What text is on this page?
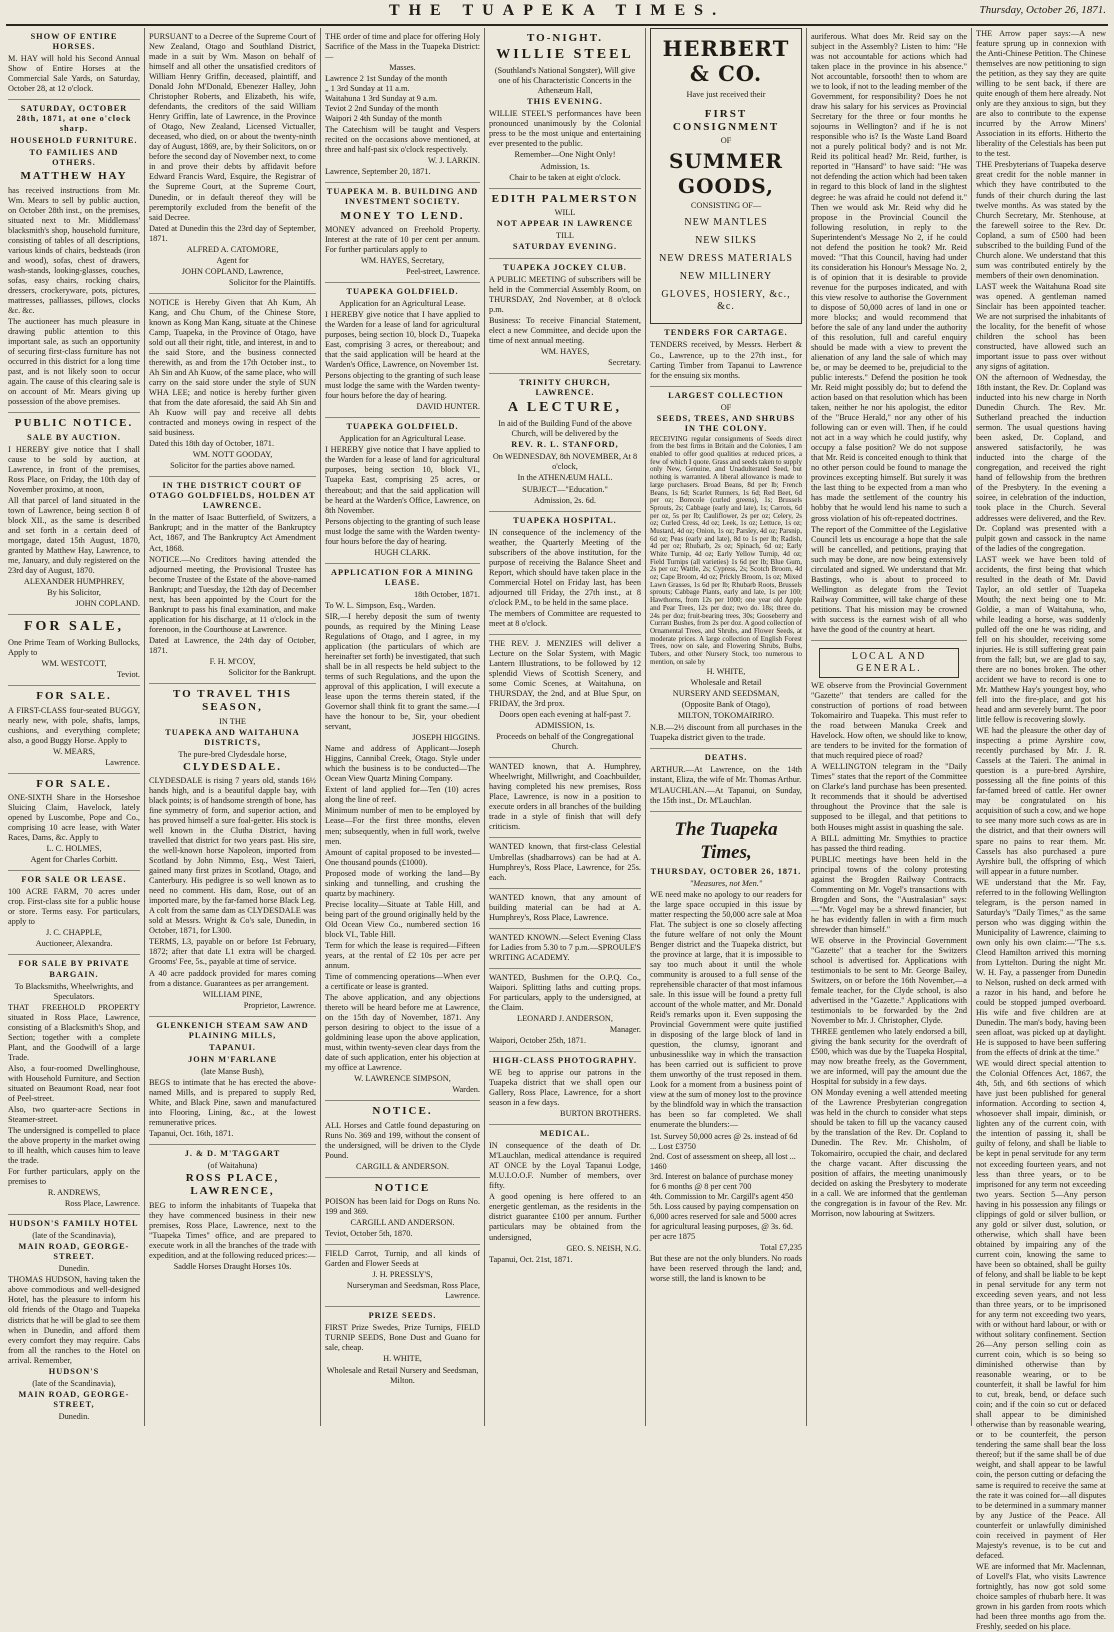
THE TUAPEKA TIMES.	Thursday, October 26, 1871.
SHOW OF ENTIRE HORSES.

M. HAY will hold his Second Annual Show of Entire Horses at the Commercial Sale Yards, on Saturday, October 28, at 12 o'clock.

SATURDAY, OCTOBER 28th, 1871, at one o'clock sharp.
HOUSEHOLD FURNITURE.
TO FAMILIES AND OTHERS.
MATTHEW HAY

has received instructions from Mr. Wm. Mears to sell by public auction, on October 28th inst., on the premises, situated next to Mr. Middlemass' blacksmith's shop, household furniture, consisting of tables of all descriptions, various kinds of chairs, bedsteads (iron and wood), sofas, chest of drawers, wash-stands, looking-glasses, couches, sofas, easy chairs, rocking chairs, dressers, crockeryware, pots, pictures, mattresses, palliasses, pillows, clocks &c. &c.

The auctioneer has much pleasure in drawing public attention to this important sale, as such an opportunity of securing first-class furniture has not occurred in this district for a long time past, and is not likely soon to occur again. The cause of this clearing sale is on account of Mr. Mears giving up possession of the above premises.

PUBLIC NOTICE.
SALE BY AUCTION.

I HEREBY give notice that I shall cause to be sold by auction, at Lawrence, in front of the premises, Ross Place, on Friday, the 10th day of November proximo, at noon,

All that parcel of land situated in the town of Lawrence, being section 8 of block XII., as the same is described and set forth in a certain deed of mortgage, dated 15th August, 1870, granted by Matthew Hay, Lawrence, to me, January, and duly registered on the 23rd day of August, 1870.

ALEXANDER HUMPHREY,
By his Solicitor,
JOHN COPLAND.
FOR SALE,

One Prime Team of Working Bullocks, Apply to

WM. WESTCOTT,
Teviot.
FOR SALE.

A FIRST-CLASS four-seated BUGGY, nearly new, with pole, shafts, lamps, cushions, and everything complete; also, a good Buggy Horse. Apply to

W. MEARS,
Lawrence.
FOR SALE.

ONE-SIXTH Share in the Horseshoe Sluicing Claim, Havelock, lately opened by Luscombe, Pope and Co., comprising 10 acre lease, with Water Races, Dams, &c. Apply to

L. C. HOLMES,
Agent for Charles Corbitt.
FOR SALE OR LEASE.

100 ACRE FARM, 70 acres under crop. First-class site for a public house or store. Terms easy. For particulars, apply to

J. C. CHAPPLE,
Auctioneer, Alexandra.
FOR SALE BY PRIVATE BARGAIN.
To Blacksmiths, Wheelwrights, and Speculators.

THAT FREEHOLD PROPERTY situated in Ross Place, Lawrence, consisting of a Blacksmith's Shop, and Section; together with a complete Plant, and the Goodwill of a large Trade.

Also, a four-roomed Dwellinghouse, with Household Furniture, and Section situated on Beaumont Road, near foot of Peel-street.

Also, two quarter-acre Sections in Steamer-street.

The undersigned is compelled to place the above property in the market owing to ill health, which causes him to leave the trade.

For further particulars, apply on the premises to

R. ANDREWS,
Ross Place, Lawrence.
HUDSON'S FAMILY HOTEL
(late of the Scandinavia),
MAIN ROAD, GEORGE-STREET.
Dunedin.

THOMAS HUDSON, having taken the above commodious and well-designed Hotel, has the pleasure to inform his old friends of the Otago and Tuapeka districts that he will be glad to see them when in Dunedin, and afford them every comfort they may require. Cabs from all the ranches to the Hotel on arrival. Remember,

HUDSON'S
(late of the Scandinavia),
MAIN ROAD, GEORGE-STREET,
Dunedin.

PURSUANT to a Decree of the Supreme Court of New Zealand, Otago and Southland District, made in a suit by Wm. Mason on behalf of himself and all other the unsatisfied creditors of William Henry Griffin, deceased, plaintiff, and Donald John M'Donald, Ebenezer Halley, John Christopher Roberts, and Elizabeth, his wife, defendants, the creditors of the said William Henry Griffin, late of Lawrence, in the Province of Otago, New Zealand, Licensed Victualler, deceased, who died, on or about the twenty-ninth day of August, 1869, are, by their Solicitors, on or before the second day of November next, to come in and prove their debts by affidavit before Edward Francis Ward, Esquire, the Registrar of the Supreme Court, at the Supreme Court, Dunedin, or in default thereof they will be peremptorily excluded from the benefit of the said Decree.

Dated at Dunedin this the 23rd day of September, 1871.

ALFRED A. CATOMORE,
Agent for
JOHN COPLAND, Lawrence,
Solicitor for the Plaintiffs.

NOTICE is Hereby Given that Ah Kum, Ah Kang, and Chu Chum, of the Chinese Store, known as Kong Man Kang, situate at the Chinese Camp, Tuapeka, in the Province of Otago, have sold out all their right, title, and interest, in and to the said Store, and the business connected therewith, as and from the 17th October inst., to Ah Sin and Ah Kuow, of the same place, who will carry on the said store under the style of SUN WHA LEE; and notice is hereby further given that from the date aforesaid, the said Ah Sin and Ah Kuow will pay and receive all debts contracted and moneys owing in respect of the said business.

Dated this 18th day of October, 1871.

WM. NOTT GOODAY,
Solicitor for the parties above named.
IN THE DISTRICT COURT OF OTAGO GOLDFIELDS, HOLDEN AT LAWRENCE.

In the matter of Isaac Butterfield, of Switzers, a Bankrupt; and in the matter of the Bankruptcy Act, 1867, and The Bankruptcy Act Amendment Act, 1868.

NOTICE.—No Creditors having attended the adjourned meeting, the Provisional Trustee has become Trustee of the Estate of the above-named Bankrupt; and Tuesday, the 12th day of December next, has been appointed by the Court for the Bankrupt to pass his final examination, and make application for his discharge, at 11 o'clock in the forenoon, in the Courthouse at Lawrence.

Dated at Lawrence, the 24th day of October, 1871.

F. H. M'COY,
Solicitor for the Bankrupt.
TO TRAVEL THIS SEASON,
IN THE
TUAPEKA AND WAITAHUNA DISTRICTS,
The pure-bred Clydesdale horse,
CLYDESDALE.

CLYDESDALE is rising 7 years old, stands 16½ hands high, and is a beautiful dapple bay, with black points; is of handsome strength of bone, has fine symmetry of form, and superior action, and has proved himself a sure foal-getter. His stock is well known in the Clutha District, having travelled that district for two years past. His sire, the well-known horse Napoleon, imported from Scotland by John Nimmo, Esq., West Taieri, gained many first prizes in Scotland, Otago, and Canterbury. His pedigree is so well known as to need no comment. His dam, Rose, out of an imported mare, by the far-famed horse Black Leg. A colt from the same dam as CLYDESDALE was sold at Messrs. Wright & Co's sale, Dunedin, in October, 1871, for L300.

TERMS, L3, payable on or before 1st February, 1872; after that date L1 extra will be charged. Grooms' Fee, 5s., payable at time of service.

A 40 acre paddock provided for mares coming from a distance. Guarantees as per arrangement.

WILLIAM PINE,
Proprietor, Lawrence.
GLENKENICH STEAM SAW AND PLAINING MILLS,
TAPANUI.
JOHN M'FARLANE
(late Manse Bush),

BEGS to intimate that he has erected the above-named Mills, and is prepared to supply Red, White, and Black Pine, sawn and manufactured into Flooring, Lining, &c., at the lowest remunerative prices.

Tapanui, Oct. 16th, 1871.

J. & D. M'TAGGART
(of Waitahuna)
ROSS PLACE, LAWRENCE,

BEG to inform the inhabitants of Tuapeka that they have commenced business in their new premises, Ross Place, Lawrence, next to the "Tuapeka Times" office, and are prepared to execute work in all the branches of the trade with expedition, and at the following reduced prices:—

Saddle Horses Draught Horses 10s.

THE order of time and place for offering Holy Sacrifice of the Mass in the Tuapeka District:—

Masses.
Lawrence 2 1st Sunday of the month
„ 1 3rd Sunday at 11 a.m.
Waitahuna 1 3rd Sunday at 9 a.m.
Teviot 2 2nd Sunday of the month
Waipori 2 4th Sunday of the month

The Catechism will be taught and Vespers recited on the occasions above mentioned, at three and half-past six o'clock respectively.

W. J. LARKIN.

Lawrence, September 20, 1871.

TUAPEKA M. B. BUILDING AND INVESTMENT SOCIETY.
MONEY TO LEND.

MONEY advanced on Freehold Property. Interest at the rate of 10 per cent per annum. For further particulars apply to

WM. HAYES, Secretary,
Peel-street, Lawrence.
TUAPEKA GOLDFIELD.
Application for an Agricultural Lease.

I HEREBY give notice that I have applied to the Warden for a lease of land for agricultural purposes, being section 10, block D., Tuapeka East, comprising 3 acres, or thereabout; and that the said application will be heard at the Warden's Office, Lawrence, on November 1st.

Persons objecting to the granting of such lease must lodge the same with the Warden twenty-four hours before the day of hearing.

DAVID HUNTER.
TUAPEKA GOLDFIELD.
Application for an Agricultural Lease.

I HEREBY give notice that I have applied to the Warden for a lease of land for agricultural purposes, being section 10, block VI., Tuapeka East, comprising 25 acres, or thereabout; and that the said application will be heard at the Warden's Office, Lawrence, on 8th November.

Persons objecting to the granting of such lease must lodge the same with the Warden twenty-four hours before the day of hearing.

HUGH CLARK.
APPLICATION FOR A MINING LEASE.
18th October, 1871.

To W. L. Simpson, Esq., Warden.

SIR,—I hereby deposit the sum of twenty pounds, as required by the Mining Lease Regulations of Otago, and I agree, in my application (the particulars of which are hereinafter set forth) be investigated, that such shall be in all respects be held subject to the terms of such Regulations, and the upon the approval of this application, I will execute a lease upon the terms therein stated, if the Governor shall think fit to grant the same.—I have the honour to be, Sir, your obedient servant,

JOSEPH HIGGINS.

Name and address of Applicant—Joseph Higgins, Cannibal Creek, Otago. Style under which the business is to be conducted—The Ocean View Quartz Mining Company.

Extent of land applied for—Ten (10) acres along the line of reef.

Minimum number of men to be employed by Lease—For the first three months, eleven men; subsequently, when in full work, twelve men.

Amount of capital proposed to be invested—One thousand pounds (£1000).

Proposed mode of working the land—By sinking and tunnelling, and crushing the quartz by machinery.

Precise locality—Situate at Table Hill, and being part of the ground originally held by the Old Ocean View Co., numbered section 16 block VI., Table Hill.

Term for which the lease is required—Fifteen years, at the rental of £2 10s per acre per annum.

Time of commencing operations—When ever a certificate or lease is granted.

The above application, and any objections thereto will be heard before me at Lawrence, on the 15th day of November, 1871. Any person desiring to object to the issue of a goldmining lease upon the above application, must, within twenty-seven clear days from the date of such application, enter his objection at my office at Lawrence.

W. LAWRENCE SIMPSON,
Warden.
NOTICE.

ALL Horses and Cattle found depasturing on Runs No. 369 and 199, without the consent of the undersigned, will be driven to the Clyde Pound.

CARGILL & ANDERSON.
NOTICE

POISON has been laid for Dogs on Runs No. 199 and 369.

CARGILL AND ANDERSON.

Teviot, October 5th, 1870.

FIELD Carrot, Turnip, and all kinds of Garden and Flower Seeds at

J. H. PRESSLY'S,
Nurseryman and Seedsman, Ross Place, Lawrence.
PRIZE SEEDS.

FIRST Prize Swedes, Prize Turnips, FIELD TURNIP SEEDS, Bone Dust and Guano for sale, cheap.

H. WHITE,
Wholesale and Retail Nursery and Seedsman, Milton.
TO-NIGHT.
WILLIE STEEL
(Southland's National Songster), Will give one of his Characteristic Concerts in the Athenæum Hall,
THIS EVENING.

WILLIE STEEL'S performances have been pronounced unanimously by the Colonial press to be the most unique and entertaining ever presented to the public.

Remember—One Night Only!
Admission, 1s.
Chair to be taken at eight o'clock.
EDITH PALMERSTON
WILL
NOT APPEAR IN LAWRENCE
TILL
SATURDAY EVENING.
TUAPEKA JOCKEY CLUB.

A PUBLIC MEETING of subscribers will be held in the Commercial Assembly Room, on THURSDAY, 2nd November, at 8 o'clock p.m.

Business: To receive Financial Statement, elect a new Committee, and decide upon the time of next annual meeting.

WM. HAYES,
Secretary.
TRINITY CHURCH, LAWRENCE.
A LECTURE,
In aid of the Building Fund of the above Church, will be delivered by the
REV. R. L. STANFORD,
On WEDNESDAY, 8th NOVEMBER, At 8 o'clock,
In the ATHENÆUM HALL.
SUBJECT—"Education."
Admission, 2s. 6d.
TUAPEKA HOSPITAL.

IN consequence of the inclemency of the weather, the Quarterly Meeting of the subscribers of the above institution, for the purpose of receiving the Balance Sheet and Report, which should have taken place in the Commercial Hotel on Friday last, has been adjourned till Friday, the 27th inst., at 8 o'clock P.M., to be held in the same place.

The members of Committee are requested to meet at 8 o'clock.

THE REV. J. MENZIES will deliver a Lecture on the Solar System, with Magic Lantern Illustrations, to be followed by 12 splendid Views of Scottish Scenery, and some Comic Scenes, at Waitahuna, on THURSDAY, the 2nd, and at Blue Spur, on FRIDAY, the 3rd prox.

Doors open each evening at half-past 7.
ADMISSION, 1s.
Proceeds on behalf of the Congregational Church.

WANTED known, that A. Humphrey, Wheelwright, Millwright, and Coachbuilder, having completed his new premises, Ross Place, Lawrence, is now in a position to execute orders in all branches of the building trade in a style of finish that will defy criticism.

WANTED known, that first-class Celestial Umbrellas (shadbarrows) can be had at A. Humphrey's, Ross Place, Lawrence, for 25s. each.

WANTED known, that any amount of building material can be had at A. Humphrey's, Ross Place, Lawrence.

WANTED KNOWN.—Select Evening Class for Ladies from 5.30 to 7 p.m.—SPROULE'S WRITING ACADEMY.

WANTED, Bushmen for the O.P.Q. Co., Waipori. Splitting laths and cutting props. For particulars, apply to the undersigned, at the Claim.

LEONARD J. ANDERSON,
Manager.

Waipori, October 25th, 1871.

HIGH-CLASS PHOTOGRAPHY.

WE beg to apprise our patrons in the Tuapeka district that we shall open our Gallery, Ross Place, Lawrence, for a short season in a few days.

BURTON BROTHERS.
MEDICAL.

IN consequence of the death of Dr. M'Lauchlan, medical attendance is required AT ONCE by the Loyal Tapanui Lodge, M.U.I.O.O.F. Number of members, over fifty.

A good opening is here offered to an energetic gentleman, as the residents in the district guarantee £100 per annum. Further particulars may be obtained from the undersigned,

GEO. S. NEISH, N.G.

Tapanui, Oct. 21st, 1871.

HERBERT & CO.
Have just received their
FIRST CONSIGNMENT
OF
SUMMER GOODS,
CONSISTING OF—
NEW MANTLES
NEW SILKS
NEW DRESS MATERIALS
NEW MILLINERY
GLOVES, HOSIERY, &c., &c.
TENDERS FOR CARTAGE.

TENDERS received, by Messrs. Herbert & Co., Lawrence, up to the 27th inst., for Carting Timber from Tapanui to Lawrence for the ensuing six months.

LARGEST COLLECTION
OF
SEEDS, TREES, AND SHRUBS IN THE COLONY.

RECEIVING regular consignments of Seeds direct from the best firms in Britain and the Colonies, I am enabled to offer good qualities at reduced prices, a few of which I quote. Grass and seeds taken to supply only New, Genuine, and Unadulterated Seed, but nothing is warranted. A liberal allowance is made to large purchasers. Broad Beans, 8d per lb; French Beans, 1s 6d; Scarlet Runners, 1s 6d; Red Beet, 6d per oz; Borecole (curled greens), 1s; Brussels Sprouts, 2s; Cabbage (early and late), 1s; Carrots, 6d per oz, 5s per lb; Cauliflower, 2s per oz; Celery, 2s oz; Curled Cress, 4d oz; Leek, 1s oz; Lettuce, 1s oz; Mustard, 4d oz; Onion, 1s oz; Parsley, 4d oz; Parsnip, 6d oz; Peas (early and late), 8d to 1s per lb; Radish, 4d per oz; Rhubarb, 2s oz; Spinach, 6d oz; Early White Turnip, 4d oz; Early Yellow Turnip, 4d oz; Field Turnips (all varieties) 1s 6d per lb; Blue Gum, 2s per oz; Wattle, 2s; Cypress, 2s; Scotch Broom, 4d oz; Cape Broom, 4d oz; Prickly Broom, 1s oz; Mixed Lawn Grasses, 1s 6d per lb; Rhubarb Roots, Brussels sprouts; Cabbage Plants, early and late, 1s per 100; Hawthorns, from 12s per 1000; one year old Apple and Pear Trees, 12s per doz; two do. 18s; three do. 24s per doz; fruit-bearing trees, 30s; Gooseberry and Currant Bushes, from 2s per doz. A good collection of Ornamental Trees, and Shrubs, and Flower Seeds, at moderate prices. A large collection of English Forest Trees, now on sale, and Flowering Shrubs, Bulbs, Tubers, and other Nursery Stock, too numerous to mention, on sale by

H. WHITE,
Wholesale and Retail
NURSERY AND SEEDSMAN,
(Opposite Bank of Otago),
MILTON, TOKOMAIRIRO.

N.B.—2½ discount from all purchases in the Tuapeka district given to the trade.

DEATHS.

ARTHUR.—At Lawrence, on the 14th instant, Eliza, the wife of Mr. Thomas Arthur.

M'LAUCHLAN.—At Tapanui, on Sunday, the 15th inst., Dr. M'Lauchlan.

The Tuapeka Times,
THURSDAY, OCTOBER 26, 1871.
"Measures, not Men."

WE need make no apology to our readers for the large space occupied in this issue by matter respecting the 50,000 acre sale at Moa Flat. The subject is one so closely affecting the future welfare of not only the Mount Benger district and the Tuapeka district, but the province at large, that it is impossible to say too much about it until the whole community is aroused to a full sense of the reprehensible character of that most infamous sale. In this issue will be found a pretty full account of the whole matter, and Mr. Donald Reid's remarks upon it. Even supposing the Provincial Government were quite justified in disposing of the large block of land in question, the clumsy, ignorant and unbusinesslike way in which the transaction has been carried out is sufficient to prove them unworthy of the trust reposed in them. Look for a moment from a business point of view at the sum of money lost to the province by the blindfold way in which the transaction has been so far completed. We shall enumerate the blunders:—

1st. Survey 50,000 acres @ 2s. instead of 6d ... Lost £3750
2nd. Cost of assessment on sheep, all lost ... 1460
3rd. Interest on balance of purchase money for 6 months @ 8 per cent 700
4th. Commission to Mr. Cargill's agent 450
5th. Loss caused by paying compensation on 6,000 acres reserved for sale and 5000 acres for agricultural leasing purposes, @ 3s. 6d. per acre 1875
Total £7,235

But these are not the only blunders. No roads have been reserved through the land; and, worse still, the land is known to be

auriferous. What does Mr. Reid say on the subject in the Assembly? Listen to him: "He was not accountable for actions which had taken place in the province in his absence." Not accountable, forsooth! then to whom are we to look, if not to the leading member of the Government, for responsibility? Does he not draw his salary for his services as Provincial Secretary for the three or four months he sojourns in Wellington? and if he is not responsible who is? Is the Waste Land Board not a purely political body? and is not Mr. Reid its political head? Mr. Reid, further, is reported in "Hansard" to have said: "He was not defending the action which had been taken in regard to this block of land in the slightest degree: he was afraid he could not defend it." Then we would ask Mr. Reid why did he propose in the Provincial Council the following resolution, in reply to the Superintendent's Message No 2, if he could not defend the position he took? Mr. Reid moved: "That this Council, having had under its consideration his Honour's Message No. 2, is of opinion that it is desirable to provide revenue for the purposes indicated, and with this view resolve to authorise the Government to dispose of 50,000 acres of land in one or more blocks; and would recommend that before the sale of any land under the authority of this resolution, full and careful enquiry should be made with a view to prevent the alienation of any land the sale of which may be, or may be deemed to be, prejudicial to the public interests." Defend the position he took Mr. Reid might possibly do; but to defend the action based on that resolution which has been taken, neither he nor his apologist, the editor of the "Bruce Herald," nor any other of his following can or even will. Then, if he could not act in a way which he could justify, why occupy a false position? We do not suppose that Mr. Reid is conceited enough to think that no other person could be found to manage the provinces excepting himself. But surely it was the last thing to be expected from a man who has made the settlement of the country his hobby that he would lend his name to such a gross violation of his oft-repeated doctrines.

The report of the Committee of the Legislative Council lets us encourage a hope that the sale will be cancelled, and petitions, praying that such may be done, are now being extensively circulated and signed. We understand that Mr. Bastings, who is about to proceed to Wellington as delegate from the Teviot Railway Committee, will take charge of these petitions. That his mission may be crowned with success is the earnest wish of all who have the good of the country at heart.

LOCAL AND GENERAL.

WE observe from the Provincial Government "Gazette" that tenders are called for the construction of portions of road between Tokomairiro and Tuapeka. This must refer to the road between Manuka Creek and Havelock. How often, we should like to know, are tenders to be invited for the formation of that much required piece of road?

A WELLINGTON telegram in the "Daily Times" states that the report of the Committee on Clarke's land purchase has been presented. It recommends that it should be advertised throughout the Province that the sale is supposed to be illegal, and that petitions to both Houses might assist in quashing the sale.

A BILL admitting Mr. Smythies to practice has passed the third reading.

PUBLIC meetings have been held in the principal towns of the colony protesting against the Brogden Railway Contracts. Commenting on Mr. Vogel's transactions with Brogden and Sons, the "Australasian" says:—"Mr. Vogel may be a shrewd financier, but he has evidently fallen in with a firm much shrewder than himself."

WE observe in the Provincial Government "Gazette" that a teacher for the Switzers school is advertised for. Applications with testimonials to be sent to Mr. George Bailey, Switzers, on or before the 16th November,—a female teacher, for the Clyde school, is also advertised in the "Gazette." Applications with testimonials to be forwarded by the 2nd November to Mr. J. Christopher, Clyde.

THREE gentlemen who lately endorsed a bill, giving the bank security for the overdraft of £500, which was due by the Tuapeka Hospital, may now breathe freely, as the Government, we are informed, will pay the amount due the Hospital for subsidy in a few days.

ON Monday evening a well attended meeting of the Lawrence Presbyterian congregation was held in the church to consider what steps should be taken to fill up the vacancy caused by the translation of the Rev. Dr. Copland to Dunedin. The Rev. Mr. Chisholm, of Tokomairiro, occupied the chair, and declared the charge vacant. After discussing the position of affairs, the meeting unanimously decided on asking the Presbytery to moderate in a call. We are informed that the gentleman the congregation is in favour of the Rev. Mr. Morrison, now labouring at Switzers.

THE Arrow paper says:—A new feature sprung up in connexion with the Anti-Chinese Petition. The Chinese themselves are now petitioning to sign the petition, as they say they are quite willing to be sent back, if there are quite enough of them here already. Not only are they anxious to sign, but they are also to contribute to the expense incurred by the Arrow Miners' Association in its efforts. Hitherto the liberality of the Celestials has been put to the test.

THE Presbyterians of Tuapeka deserve great credit for the noble manner in which they have contributed to the funds of their church during the last twelve months. As was stated by the Church Secretary, Mr. Stenhouse, at the farewell soiree to the Rev. Dr. Copland, a sum of £500 had been subscribed to the building Fund of the Church alone. We understand that this sum was contributed entirely by the members of their own denomination.

LAST week the Waitahuna Road site was opened. A gentleman named Sinclair has been appointed teacher. We are not surprised the inhabitants of the locality, for the benefit of whose children the school has been constructed, have allowed such an important issue to pass over without any signs of agitation.

ON the afternoon of Wednesday, the 18th instant, the Rev. Dr. Copland was inducted into his new charge in North Dunedin Church. The Rev. Mr. Sutherland preached the induction sermon. The usual questions having been asked, Dr. Copland, and answered satisfactorily, he was inducted into the charge of the congregation, and received the right hand of fellowship from the brethren of the Presbytery. In the evening a soiree, in celebration of the induction, took place in the Church. Several addresses were delivered, and the Rev. Dr. Copland was presented with a pulpit gown and cassock in the name of the ladies of the congregation.

LAST week we have been told of accidents, the first being that which resulted in the death of Mr. David Taylor, an old settler of Tuapeka Mouth; the next being one to Mr. Goldie, a man of Waitahuna, who, while leading a horse, was suddenly pulled off the one he was riding, and fell on his shoulder, receiving some injuries. He is still suffering great pain from the fall; but, we are glad to say, there are no bones broken. The other accident we have to record is one to Mr. Matthew Hay's youngest boy, who fell into the fire-place, and got his head and arm severely burnt. The poor little fellow is recovering slowly.

WE had the pleasure the other day of inspecting a prime Ayrshire cow, recently purchased by Mr. J. R. Cassels at the Taieri. The animal in question is a pure-bred Ayrshire, possessing all the fine points of this far-famed breed of cattle. Her owner may be congratulated on his acquisition of such a cow, and we hope to see many more such cows as are in the district, and that their owners will spare no pains to rear them. Mr. Cassels has also purchased a pure Ayrshire bull, the offspring of which will appear in a future number.

WE understand that the Mr. Fay, referred to in the following Wellington telegram, is the person named in Saturday's "Daily Times," as the same person who was digging within the Municipality of Lawrence, claiming to own only his own claim:—"The s.s. Cleod Hamilton arrived this morning from Lyttelton. During the night Mr. W. H. Fay, a passenger from Dunedin to Nelson, rushed on deck armed with a razor in his hand, and before he could be stopped jumped overboard. His wife and five children are at Dunedin. The man's body, having been seen afloat, was picked up at daylight. He is supposed to have been suffering from the effects of drink at the time."

WE would direct special attention to the Colonial Offences Act, 1867, the 4th, 5th, and 6th sections of which have just been published for general information. According to section 4, whosoever shall impair, diminish, or lighten any of the current coin, with the intention of passing it, shall be guilty of felony, and shall be liable to be kept in penal servitude for any term not exceeding fourteen years, and not less than three years, or to be imprisoned for any term not exceeding two years. Section 5—Any person having in his possession any filings or clippings of gold or silver bullion, or any gold or silver dust, solution, or otherwise, which shall have been obtained by impairing any of the current coin, knowing the same to have been so obtained, shall be guilty of felony, and shall be liable to be kept in penal servitude for any term not exceeding seven years, and not less than three years, or to be imprisoned for any term not exceeding two years, with or without hard labour, or with or without solitary confinement. Section 26—Any person selling coin as current coin, which is so being so diminished otherwise than by reasonable wearing, or to be counterfeit, it shall be lawful for him to cut, break, bend, or deface such coin; and if the coin so cut or defaced shall appear to be diminished otherwise than by reasonable wearing, or to be counterfeit, the person tendering the same shall bear the loss thereof; but if the same shall be of due weight, and shall appear to be lawful coin, the person cutting or defacing the same is required to receive the same at the rate it was coined for—all disputes to be determined in a summary manner by any Justice of the Peace. All counterfeit or unlawfully diminished coin received in payment of Her Majesty's revenue, is to be cut and defaced.

WE are informed that Mr. Maclennan, of Lovell's Flat, who visits Lawrence fortnightly, has now got sold some choice samples of rhubarb here. It was grown in his garden from roots which had been three months ago from the. Freshly, seeded on his place.
